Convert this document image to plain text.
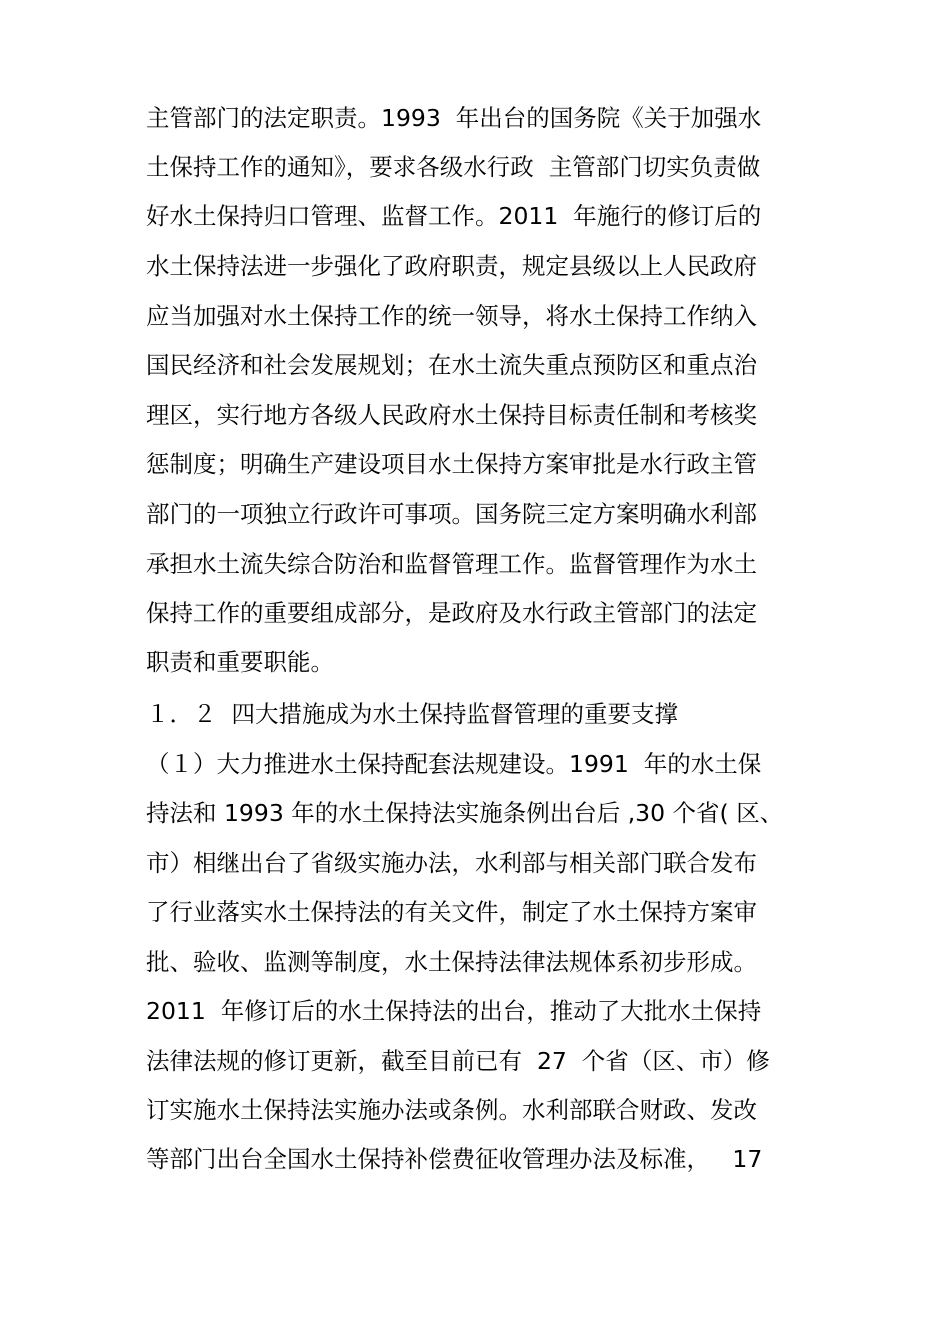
主管部门的法定职责。1993  年出台的国务院《关于加强水
土保持工作的通知》，要求各级水行政  主管部门切实负责做
好水土保持归口管理、监督工作。2011  年施行的修订后的
水土保持法进一步强化了政府职责，规定县级以上人民政府
应当加强对水土保持工作的统一领导，将水土保持工作纳入
国民经济和社会发展规划；在水土流失重点预防区和重点治
理区，实行地方各级人民政府水土保持目标责任制和考核奖
惩制度；明确生产建设项目水土保持方案审批是水行政主管
部门的一项独立行政许可事项。国务院三定方案明确水利部
承担水土流失综合防治和监督管理工作。监督管理作为水土
保持工作的重要组成部分，是政府及水行政主管部门的法定
职责和重要职能。
１．２  四大措施成为水土保持监督管理的重要支撑
（１）大力推进水土保持配套法规建设。1991  年的水土保
持法和 1993 年的水土保持法实施条例出台后 ,30 个省( 区、
市）相继出台了省级实施办法，水利部与相关部门联合发布
了行业落实水土保持法的有关文件，制定了水土保持方案审
批、验收、监测等制度，水土保持法律法规体系初步形成。
2011  年修订后的水土保持法的出台，推动了大批水土保持
法律法规的修订更新，截至目前已有  27  个省（区、市）修
订实施水土保持法实施办法或条例。水利部联合财政、发改
等部门出台全国水土保持补偿费征收管理办法及标准，   17
